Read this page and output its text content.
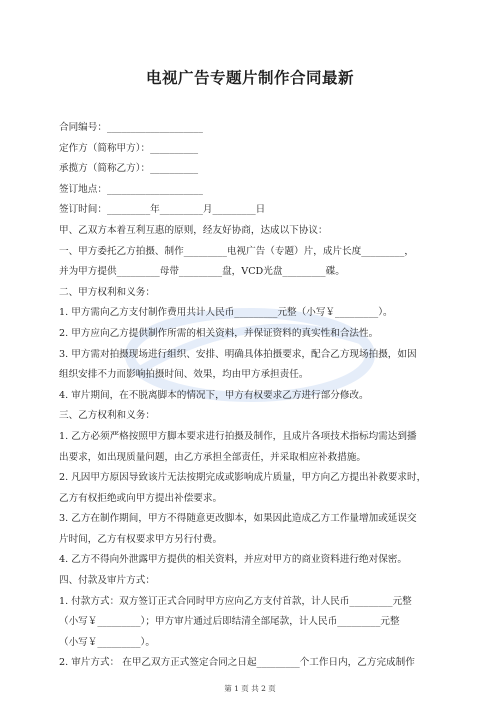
电视广告专题片制作合同最新
合同编号：____________________
定作方（简称甲方）：__________
承揽方（简称乙方）：__________
签订地点：____________________
签订时间：_________年_________月_________日
甲、乙双方本着互利互惠的原则，经友好协商，达成以下协议：
一、甲方委托乙方拍摄、制作_________电视广告（专题）片，成片长度_________，
并为甲方提供_________母带_________盘，VCD光盘_________碟。
二、甲方权利和义务：
1. 甲方需向乙方支付制作费用共计人民币_________元整（小写￥_________）。
2. 甲方应向乙方提供制作所需的相关资料，并保证资料的真实性和合法性。
3. 甲方需对拍摄现场进行组织、安排、明确具体拍摄要求，配合乙方现场拍摄，如因
组织安排不力而影响拍摄时间、效果，均由甲方承担责任。
4. 审片期间，在不脱离脚本的情况下，甲方有权要求乙方进行部分修改。
三、乙方权利和义务：
1. 乙方必须严格按照甲方脚本要求进行拍摄及制作，且成片各项技术指标均需达到播
出要求，如出现质量问题，由乙方承担全部责任，并采取相应补救措施。
2. 凡因甲方原因导致该片无法按期完成或影响成片质量，甲方向乙方提出补救要求时，
乙方有权拒绝或向甲方提出补偿要求。
3. 乙方在制作期间，甲方不得随意更改脚本，如果因此造成乙方工作量增加或延误交
片时间，乙方有权要求甲方另行付费。
4. 乙方不得向外泄露甲方提供的相关资料，并应对甲方的商业资料进行绝对保密。
四、付款及审片方式：
1. 付款方式：双方签订正式合同时甲方应向乙方支付首款，计人民币_________元整
（小写￥_________）；甲方审片通过后即结清全部尾款，计人民币_________元整
（小写￥_________）。
2. 审片方式： 在甲乙双方正式签定合同之日起_________个工作日内，乙方完成制作
第 1 页 共 2 页
